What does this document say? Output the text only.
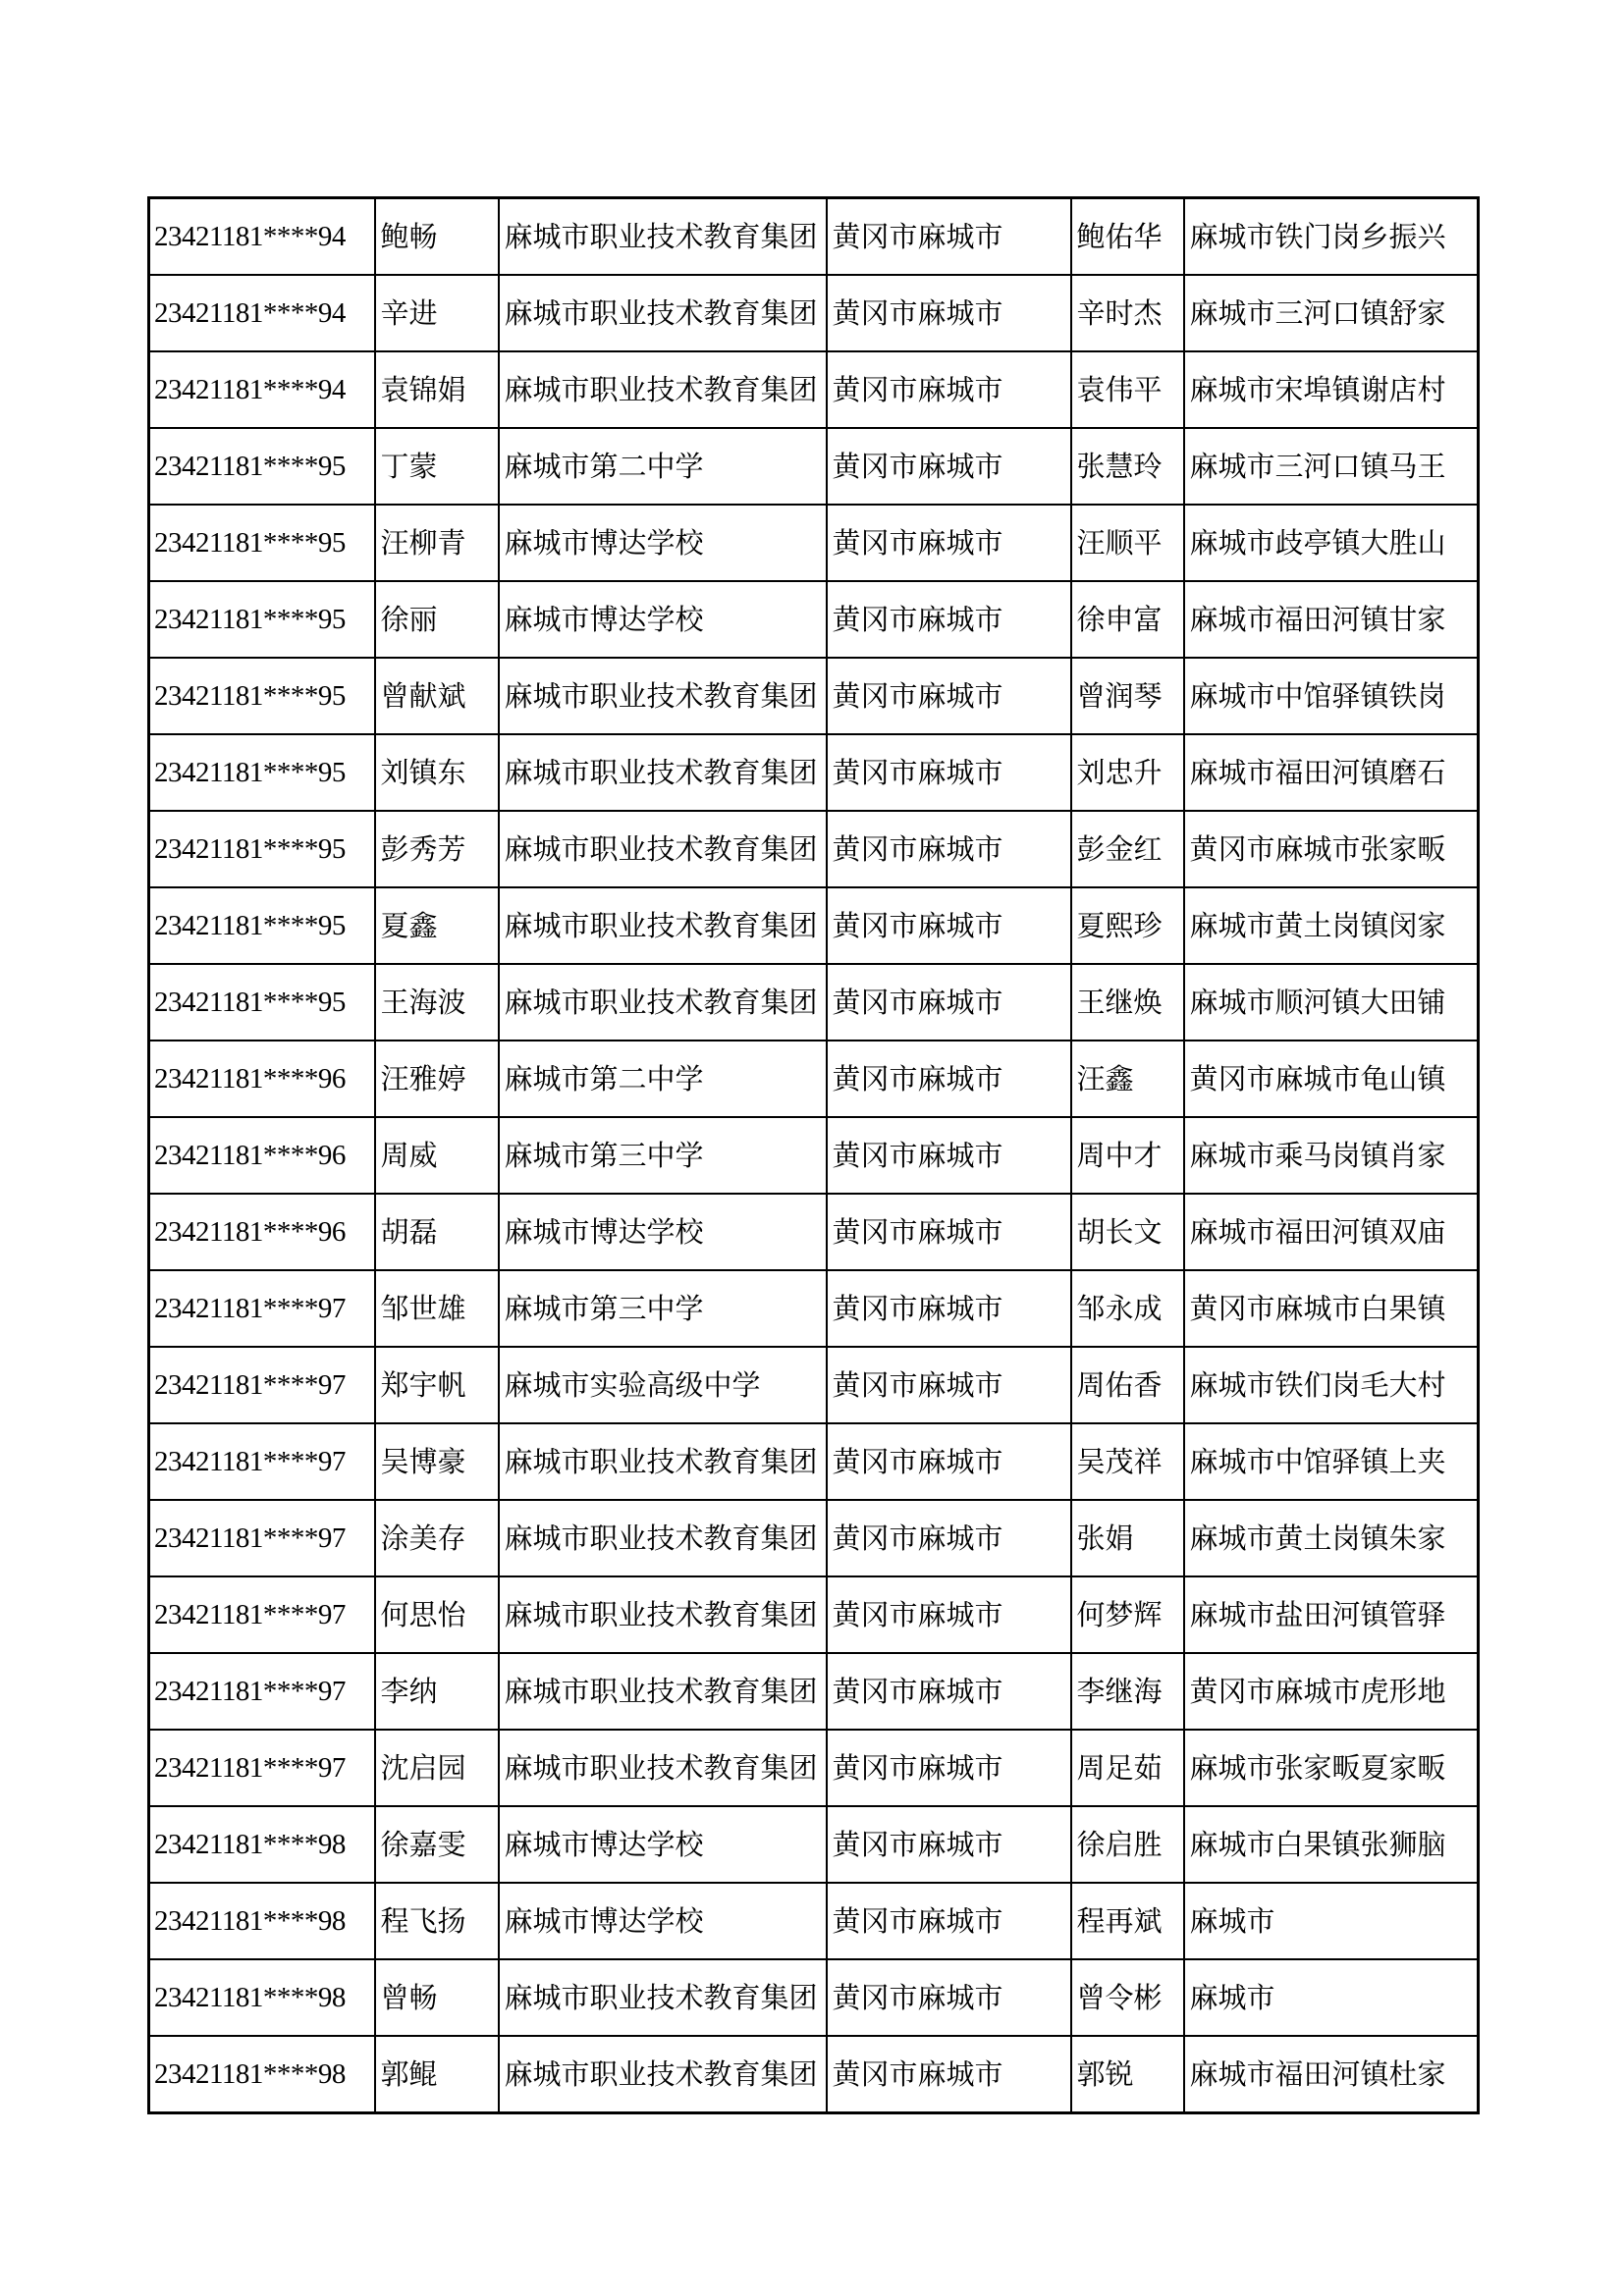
23421181****94	鲍畅	麻城市职业技术教育集团	黄冈市麻城市	鲍佑华	麻城市铁门岗乡振兴
23421181****94	辛进	麻城市职业技术教育集团	黄冈市麻城市	辛时杰	麻城市三河口镇舒家
23421181****94	袁锦娟	麻城市职业技术教育集团	黄冈市麻城市	袁伟平	麻城市宋埠镇谢店村
23421181****95	丁蒙	麻城市第二中学	黄冈市麻城市	张慧玲	麻城市三河口镇马王
23421181****95	汪柳青	麻城市博达学校	黄冈市麻城市	汪顺平	麻城市歧亭镇大胜山
23421181****95	徐丽	麻城市博达学校	黄冈市麻城市	徐申富	麻城市福田河镇甘家
23421181****95	曾献斌	麻城市职业技术教育集团	黄冈市麻城市	曾润琴	麻城市中馆驿镇铁岗
23421181****95	刘镇东	麻城市职业技术教育集团	黄冈市麻城市	刘忠升	麻城市福田河镇磨石
23421181****95	彭秀芳	麻城市职业技术教育集团	黄冈市麻城市	彭金红	黄冈市麻城市张家畈
23421181****95	夏鑫	麻城市职业技术教育集团	黄冈市麻城市	夏熙珍	麻城市黄土岗镇闵家
23421181****95	王海波	麻城市职业技术教育集团	黄冈市麻城市	王继焕	麻城市顺河镇大田铺
23421181****96	汪雅婷	麻城市第二中学	黄冈市麻城市	汪鑫	黄冈市麻城市龟山镇
23421181****96	周威	麻城市第三中学	黄冈市麻城市	周中才	麻城市乘马岗镇肖家
23421181****96	胡磊	麻城市博达学校	黄冈市麻城市	胡长文	麻城市福田河镇双庙
23421181****97	邹世雄	麻城市第三中学	黄冈市麻城市	邹永成	黄冈市麻城市白果镇
23421181****97	郑宇帆	麻城市实验高级中学	黄冈市麻城市	周佑香	麻城市铁们岗毛大村
23421181****97	吴博豪	麻城市职业技术教育集团	黄冈市麻城市	吴茂祥	麻城市中馆驿镇上夹
23421181****97	涂美存	麻城市职业技术教育集团	黄冈市麻城市	张娟	麻城市黄土岗镇朱家
23421181****97	何思怡	麻城市职业技术教育集团	黄冈市麻城市	何梦辉	麻城市盐田河镇管驿
23421181****97	李纳	麻城市职业技术教育集团	黄冈市麻城市	李继海	黄冈市麻城市虎形地
23421181****97	沈启园	麻城市职业技术教育集团	黄冈市麻城市	周足茹	麻城市张家畈夏家畈
23421181****98	徐嘉雯	麻城市博达学校	黄冈市麻城市	徐启胜	麻城市白果镇张狮脑
23421181****98	程飞扬	麻城市博达学校	黄冈市麻城市	程再斌	麻城市
23421181****98	曾畅	麻城市职业技术教育集团	黄冈市麻城市	曾令彬	麻城市
23421181****98	郭鲲	麻城市职业技术教育集团	黄冈市麻城市	郭锐	麻城市福田河镇杜家
